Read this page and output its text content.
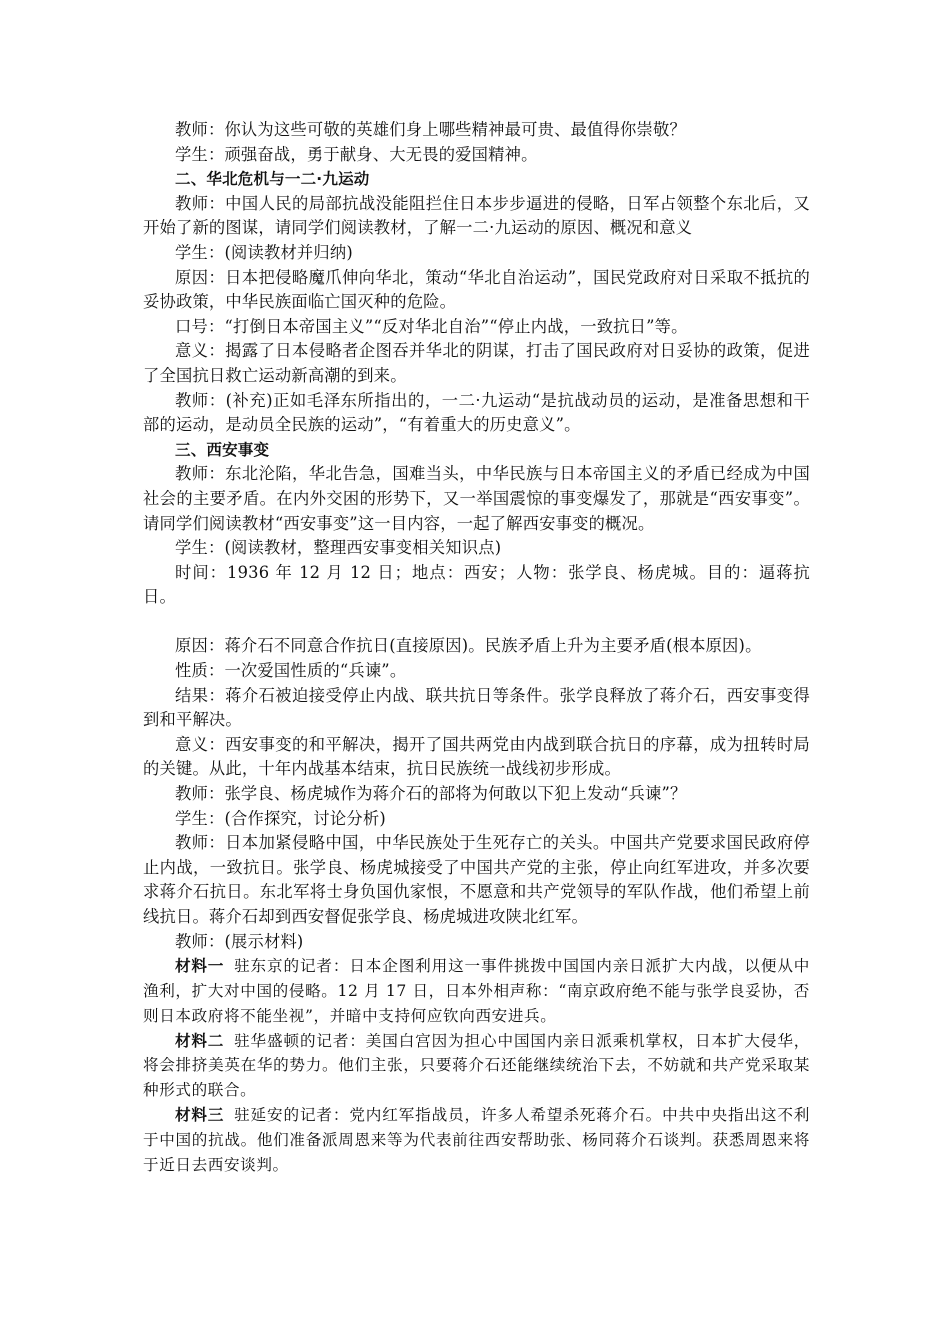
教师：你认为这些可敬的英雄们身上哪些精神最可贵、最值得你崇敬？

学生：顽强奋战，勇于献身、大无畏的爱国精神。

二、华北危机与一二·九运动

教师：中国人民的局部抗战没能阻拦住日本步步逼进的侵略，日军占领整个东北后，又开始了新的图谋，请同学们阅读教材，了解一二·九运动的原因、概况和意义

学生：(阅读教材并归纳)

原因：日本把侵略魔爪伸向华北，策动“华北自治运动”，国民党政府对日采取不抵抗的妥协政策，中华民族面临亡国灭种的危险。

口号：“打倒日本帝国主义”“反对华北自治”“停止内战，一致抗日”等。

意义：揭露了日本侵略者企图吞并华北的阴谋，打击了国民政府对日妥协的政策，促进了全国抗日救亡运动新高潮的到来。

教师：(补充)正如毛泽东所指出的，一二·九运动“是抗战动员的运动，是准备思想和干部的运动，是动员全民族的运动”，“有着重大的历史意义”。

三、西安事变

教师：东北沦陷，华北告急，国难当头，中华民族与日本帝国主义的矛盾已经成为中国社会的主要矛盾。在内外交困的形势下，又一举国震惊的事变爆发了，那就是“西安事变”。请同学们阅读教材“西安事变”这一目内容，一起了解西安事变的概况。

学生：(阅读教材，整理西安事变相关知识点)

时间：1936 年 12 月 12 日；地点：西安；人物：张学良、杨虎城。目的：逼蒋抗日。

原因：蒋介石不同意合作抗日(直接原因)。民族矛盾上升为主要矛盾(根本原因)。

性质：一次爱国性质的“兵谏”。

结果：蒋介石被迫接受停止内战、联共抗日等条件。张学良释放了蒋介石，西安事变得到和平解决。

意义：西安事变的和平解决，揭开了国共两党由内战到联合抗日的序幕，成为扭转时局的关键。从此，十年内战基本结束，抗日民族统一战线初步形成。

教师：张学良、杨虎城作为蒋介石的部将为何敢以下犯上发动“兵谏”？

学生：(合作探究，讨论分析)

教师：日本加紧侵略中国，中华民族处于生死存亡的关头。中国共产党要求国民政府停止内战，一致抗日。张学良、杨虎城接受了中国共产党的主张，停止向红军进攻，并多次要求蒋介石抗日。东北军将士身负国仇家恨，不愿意和共产党领导的军队作战，他们希望上前线抗日。蒋介石却到西安督促张学良、杨虎城进攻陕北红军。

教师：(展示材料)

材料一 驻东京的记者：日本企图利用这一事件挑拨中国国内亲日派扩大内战，以便从中渔利，扩大对中国的侵略。12 月 17 日，日本外相声称：“南京政府绝不能与张学良妥协，否则日本政府将不能坐视”，并暗中支持何应钦向西安进兵。

材料二 驻华盛顿的记者：美国白宫因为担心中国国内亲日派乘机掌权，日本扩大侵华，将会排挤美英在华的势力。他们主张，只要蒋介石还能继续统治下去，不妨就和共产党采取某种形式的联合。

材料三 驻延安的记者：党内红军指战员，许多人希望杀死蒋介石。中共中央指出这不利于中国的抗战。他们准备派周恩来等为代表前往西安帮助张、杨同蒋介石谈判。获悉周恩来将于近日去西安谈判。
